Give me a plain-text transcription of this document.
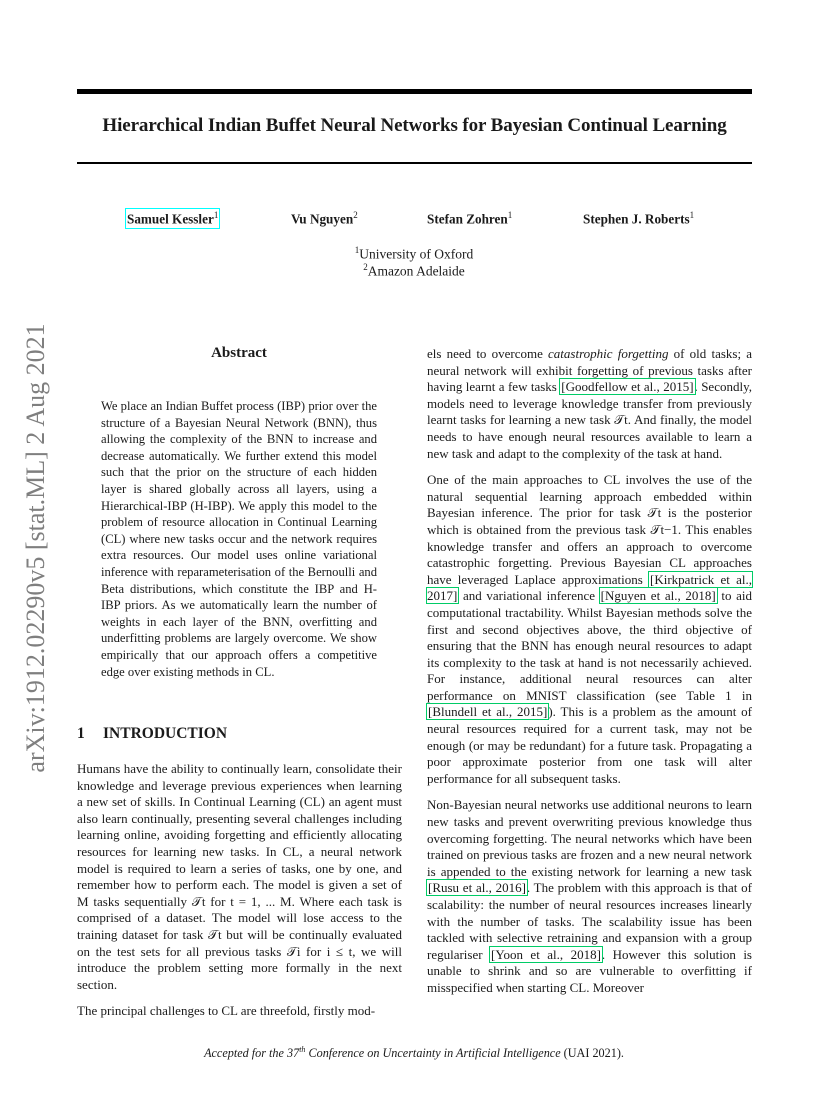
arXiv:1912.02290v5 [stat.ML] 2 Aug 2021
Hierarchical Indian Buffet Neural Networks for Bayesian Continual Learning
Samuel Kessler$^1$	Vu Nguyen$^2$	Stefan Zohren$^1$	Stephen J. Roberts$^1$
$^1$University of Oxford
$^2$Amazon Adelaide
Abstract

We place an Indian Buffet process (IBP) prior over the structure of a Bayesian Neural Network (BNN), thus allowing the complexity of the BNN to increase and decrease automatically. We further extend this model such that the prior on the structure of each hidden layer is shared globally across all layers, using a Hierarchical-IBP (H-IBP). We apply this model to the problem of resource allocation in Continual Learning (CL) where new tasks occur and the network requires extra resources. Our model uses online variational inference with reparameterisation of the Bernoulli and Beta distributions, which constitute the IBP and H-IBP priors. As we automatically learn the number of weights in each layer of the BNN, overfitting and underfitting problems are largely overcome. We show empirically that our approach offers a competitive edge over existing methods in CL.

1 INTRODUCTION

Humans have the ability to continually learn, consolidate their knowledge and leverage previous experiences when learning a new set of skills. In Continual Learning (CL) an agent must also learn continually, presenting several challenges including learning online, avoiding forgetting and efficiently allocating resources for learning new tasks. In CL, a neural network model is required to learn a series of tasks, one by one, and remember how to perform each. The model is given a set of M tasks sequentially 𝒯t for t = 1, ... M. Where each task is comprised of a dataset. The model will lose access to the training dataset for task 𝒯t but will be continually evaluated on the test sets for all previous tasks 𝒯i for i ≤ t, we will introduce the problem setting more formally in the next section.

The principal challenges to CL are threefold, firstly mod-

els need to overcome catastrophic forgetting of old tasks; a neural network will exhibit forgetting of previous tasks after having learnt a few tasks [Goodfellow et al., 2015]. Secondly, models need to leverage knowledge transfer from previously learnt tasks for learning a new task 𝒯t. And finally, the model needs to have enough neural resources available to learn a new task and adapt to the complexity of the task at hand.

One of the main approaches to CL involves the use of the natural sequential learning approach embedded within Bayesian inference. The prior for task 𝒯t is the posterior which is obtained from the previous task 𝒯t−1. This enables knowledge transfer and offers an approach to overcome catastrophic forgetting. Previous Bayesian CL approaches have leveraged Laplace approximations [Kirkpatrick et al., 2017] and variational inference [Nguyen et al., 2018] to aid computational tractability. Whilst Bayesian methods solve the first and second objectives above, the third objective of ensuring that the BNN has enough neural resources to adapt its complexity to the task at hand is not necessarily achieved. For instance, additional neural resources can alter performance on MNIST classification (see Table 1 in [Blundell et al., 2015]). This is a problem as the amount of neural resources required for a current task, may not be enough (or may be redundant) for a future task. Propagating a poor approximate posterior from one task will alter performance for all subsequent tasks.

Non-Bayesian neural networks use additional neurons to learn new tasks and prevent overwriting previous knowledge thus overcoming forgetting. The neural networks which have been trained on previous tasks are frozen and a new neural network is appended to the existing network for learning a new task [Rusu et al., 2016]. The problem with this approach is that of scalability: the number of neural resources increases linearly with the number of tasks. The scalability issue has been tackled with selective retraining and expansion with a group regulariser [Yoon et al., 2018]. However this solution is unable to shrink and so are vulnerable to overfitting if misspecified when starting CL. Moreover

Accepted for the 37th Conference on Uncertainty in Artificial Intelligence (UAI 2021).
